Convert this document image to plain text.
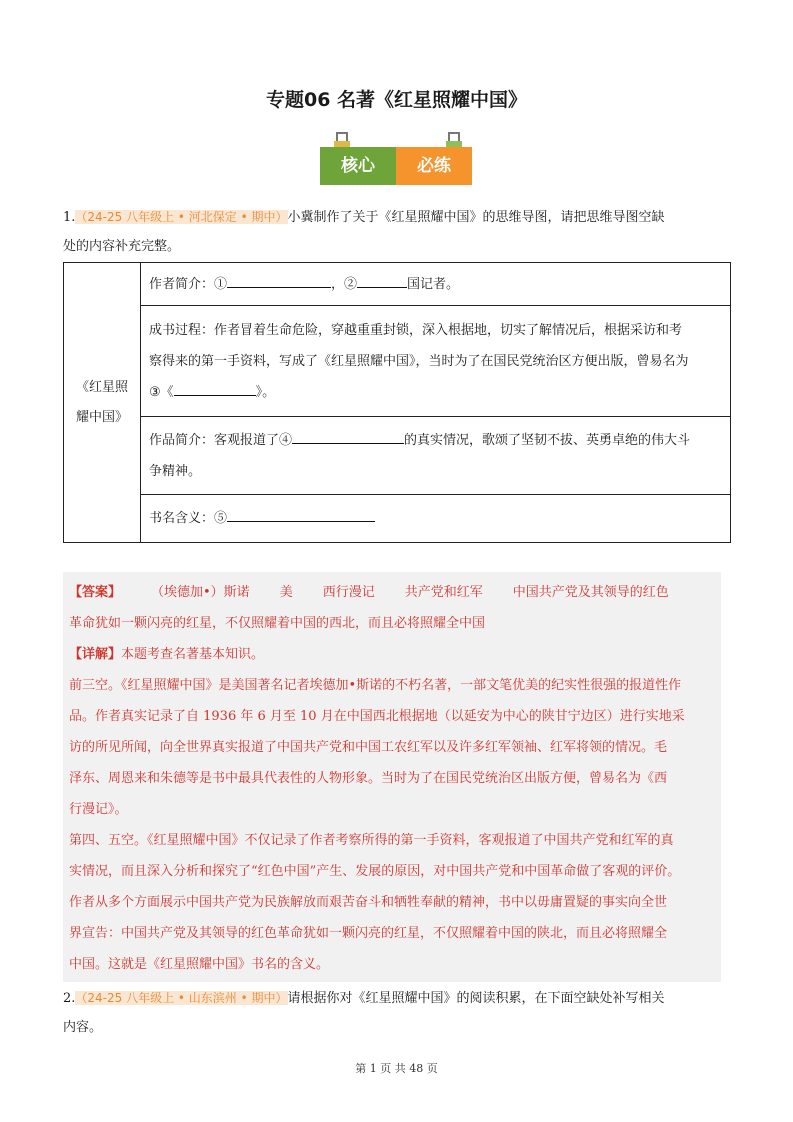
专题06 名著《红星照耀中国》
核心	必练
1.（24-25 八年级上 • 河北保定 • 期中）小冀制作了关于《红星照耀中国》的思维导图，请把思维导图空缺
处的内容补充完整。
《红星照
耀中国》
	作者简介：①	，②	国记者。

成书过程：作者冒着生命危险，穿越重重封锁，深入根据地，切实了解情况后，根据采访和考
察得来的第一手资料，写成了《红星照耀中国》，当时为了在国民党统治区方便出版，曾易名为
③《	》。

作品简介：客观报道了④	的真实情况，歌颂了坚韧不拔、英勇卓绝的伟大斗
争精神。

书名含义：⑤

【答案】 （埃德加•）斯诺 美 西行漫记 共产党和红军 中国共产党及其领导的红色

革命犹如一颗闪亮的红星，不仅照耀着中国的西北，而且必将照耀全中国

【详解】本题考查名著基本知识。

前三空。《红星照耀中国》是美国著名记者埃德加•斯诺的不朽名著，一部文笔优美的纪实性很强的报道性作

品。作者真实记录了自 1936 年 6 月至 10 月在中国西北根据地（以延安为中心的陕甘宁边区）进行实地采

访的所见所闻，向全世界真实报道了中国共产党和中国工农红军以及许多红军领袖、红军将领的情况。毛

泽东、周恩来和朱德等是书中最具代表性的人物形象。当时为了在国民党统治区出版方便，曾易名为《西

行漫记》。

第四、五空。《红星照耀中国》不仅记录了作者考察所得的第一手资料，客观报道了中国共产党和红军的真

实情况，而且深入分析和探究了“红色中国”产生、发展的原因，对中国共产党和中国革命做了客观的评价。

作者从多个方面展示中国共产党为民族解放而艰苦奋斗和牺牲奉献的精神，书中以毋庸置疑的事实向全世

界宣告：中国共产党及其领导的红色革命犹如一颗闪亮的红星，不仅照耀着中国的陕北，而且必将照耀全

中国。这就是《红星照耀中国》书名的含义。

2.（24-25 八年级上 • 山东滨州 • 期中）请根据你对《红星照耀中国》的阅读积累，在下面空缺处补写相关
内容。
第 1 页 共 48 页
